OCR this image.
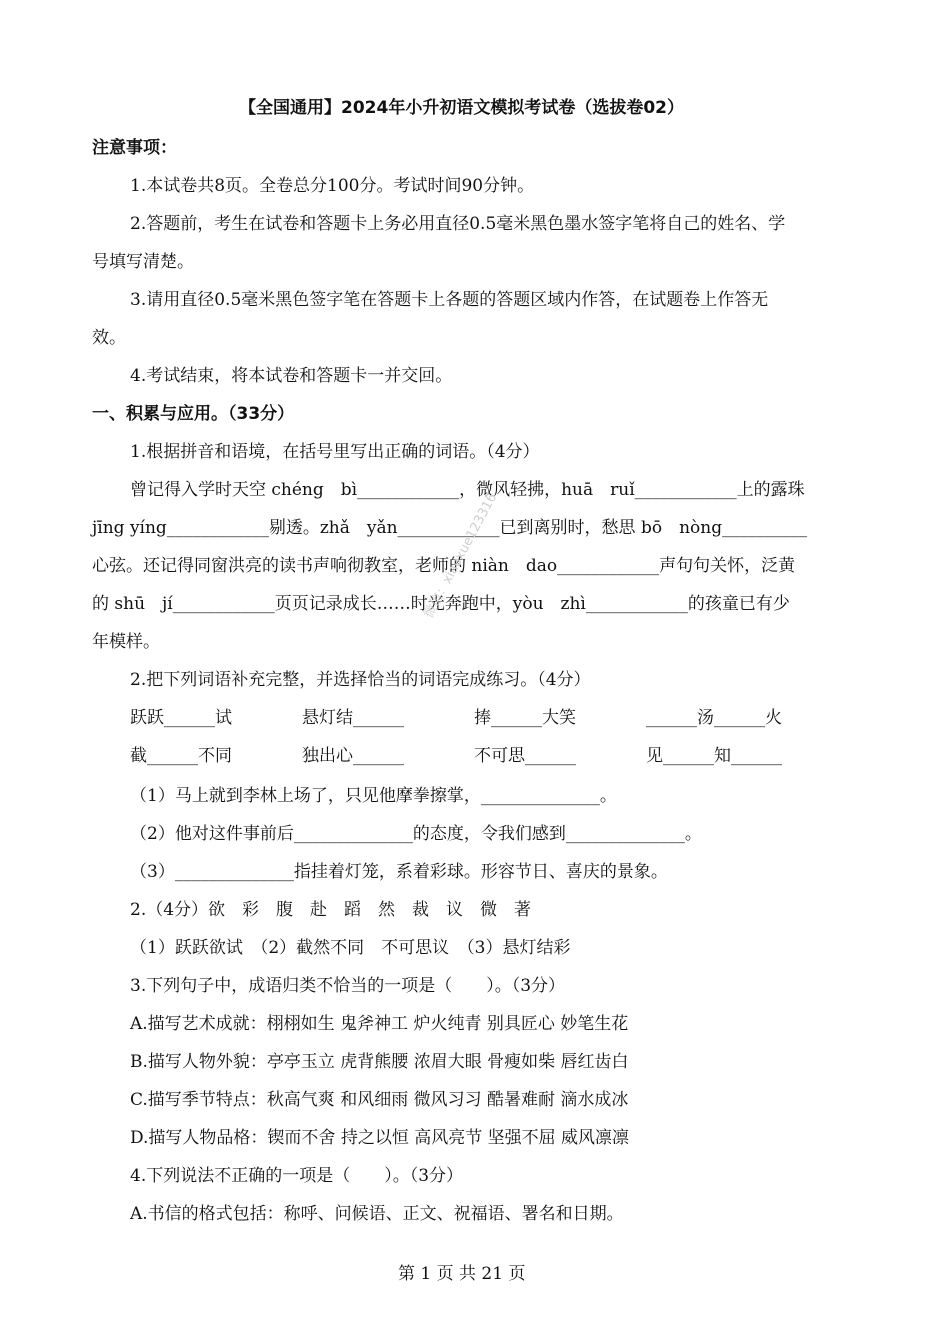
【全国通用】2024年小升初语文模拟考试卷（选拔卷02）
注意事项：
1.本试卷共8页。全卷总分100分。考试时间90分钟。
2.答题前，考生在试卷和答题卡上务必用直径0.5毫米黑色墨水签字笔将自己的姓名、学
号填写清楚。
3.请用直径0.5毫米黑色签字笔在答题卡上各题的答题区域内作答，在试题卷上作答无
效。
4.考试结束，将本试卷和答题卡一并交回。
一、积累与应用。（33分）
1.根据拼音和语境，在括号里写出正确的词语。（4分）
曾记得入学时天空 chéng　bì____________，微风轻拂，huā　ruǐ____________上的露珠
jīng yíng____________剔透。zhǎ　yǎn____________已到离别时，愁思 bō　nòng__________
心弦。还记得同窗洪亮的读书声响彻教室，老师的 niàn　dao____________声句句关怀，泛黄
的 shū　jí____________页页记录成长……时光奔跑中，yòu　zhì____________的孩童已有少
年模样。
2.把下列词语补充完整，并选择恰当的词语完成练习。（4分）
跃跃______试	悬灯结______	捧______大笑	______汤______火
截______不同	独出心______	不可思______	见______知______
（1）马上就到李林上场了，只见他摩拳擦掌，______________。
（2）他对这件事前后______________的态度，令我们感到______________。
（3）______________指挂着灯笼，系着彩球。形容节日、喜庆的景象。
2.（4分）欲　彩　腹　赴　蹈　然　裁　议　微　著
（1）跃跃欲试　（2）截然不同　不可思议　（3）悬灯结彩
3.下列句子中，成语归类不恰当的一项是（　　）。（3分）
A.描写艺术成就：栩栩如生 鬼斧神工 炉火纯青 别具匠心 妙笔生花
B.描写人物外貌：亭亭玉立 虎背熊腰 浓眉大眼 骨瘦如柴 唇红齿白
C.描写季节特点：秋高气爽 和风细雨 微风习习 酷暑难耐 滴水成冰
D.描写人物品格：锲而不舍 持之以恒 高风亮节 坚强不屈 威风凛凛
4.下列说法不正确的一项是（　　）。（3分）
A.书信的格式包括：称呼、问候语、正文、祝福语、署名和日期。
第 1 页 共 21 页
微信：xiaoxue123316
